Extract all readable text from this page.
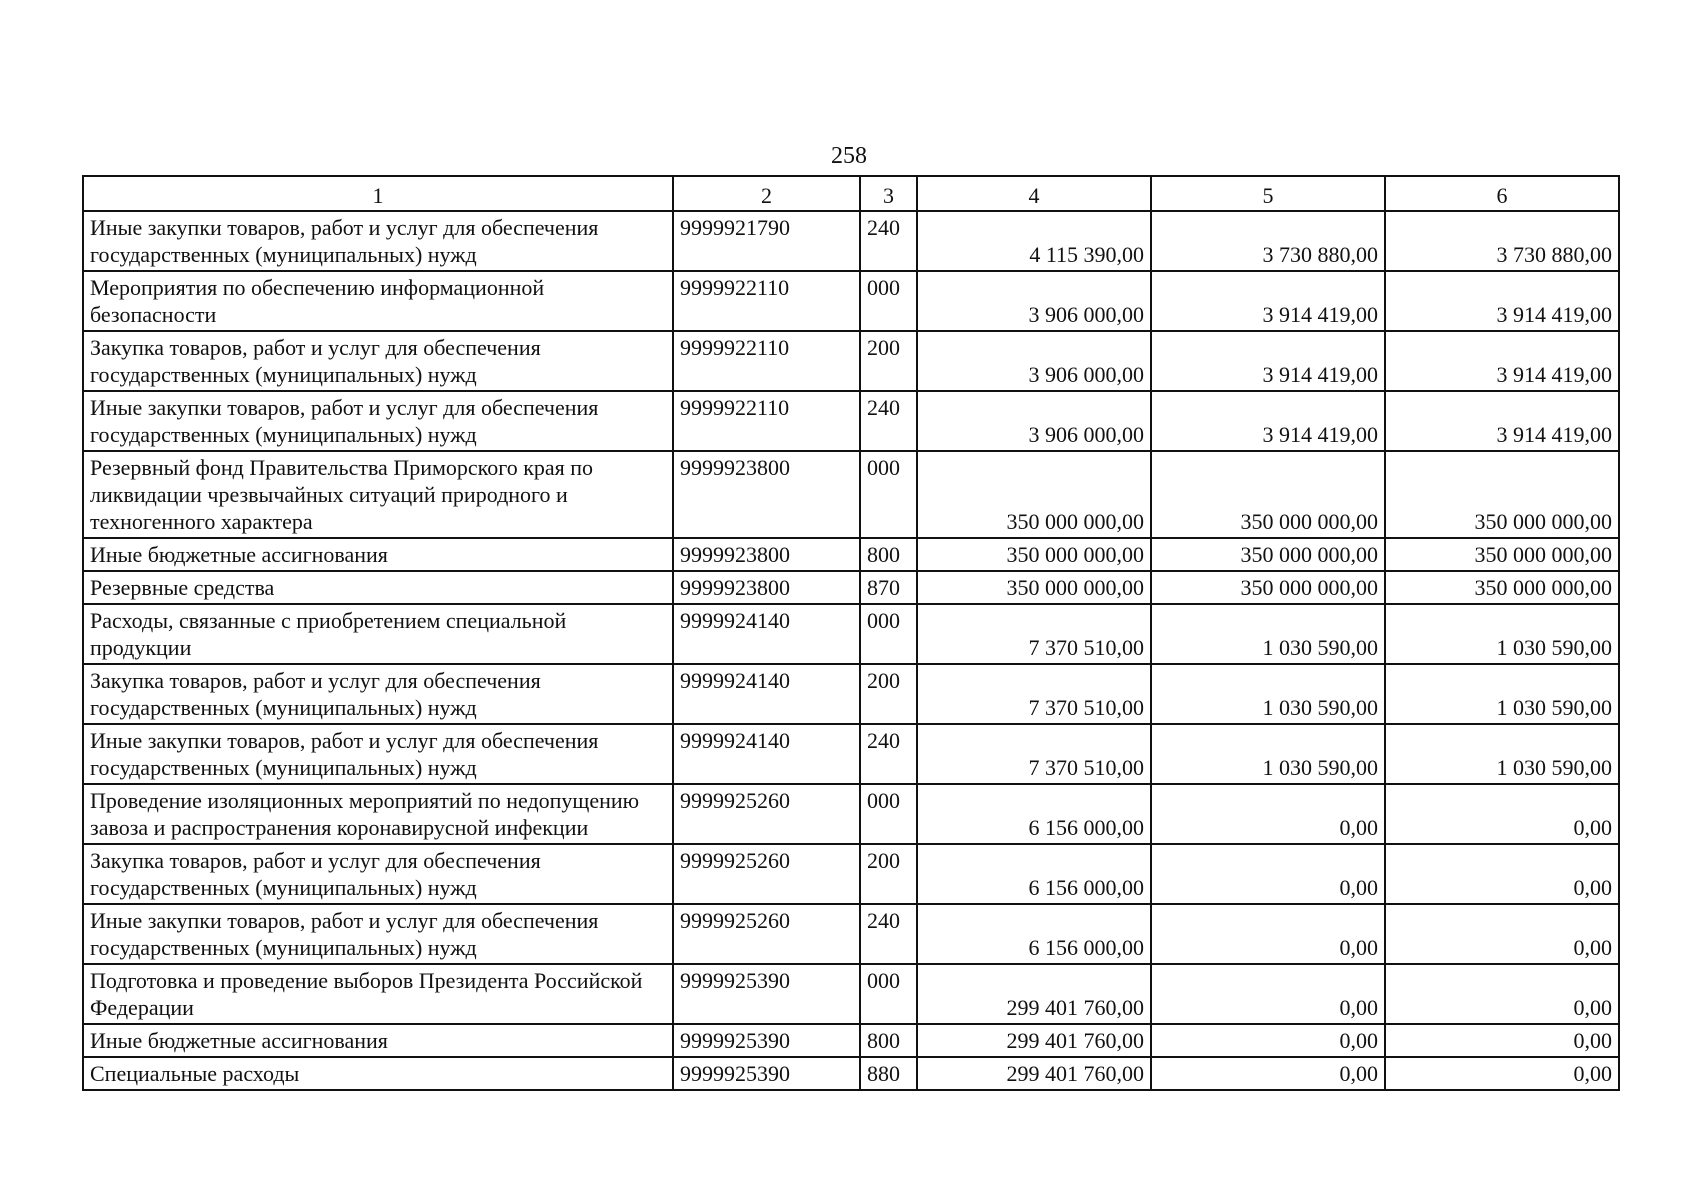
258
1	2	3	4	5	6
Иные закупки товаров, работ и услуг для обеспечения государственных (муниципальных) нужд	9999921790	240	4 115 390,00	3 730 880,00	3 730 880,00
Мероприятия по обеспечению информационной безопасности	9999922110	000	3 906 000,00	3 914 419,00	3 914 419,00
Закупка товаров, работ и услуг для обеспечения государственных (муниципальных) нужд	9999922110	200	3 906 000,00	3 914 419,00	3 914 419,00
Иные закупки товаров, работ и услуг для обеспечения государственных (муниципальных) нужд	9999922110	240	3 906 000,00	3 914 419,00	3 914 419,00
Резервный фонд Правительства Приморского края по ликвидации чрезвычайных ситуаций природного и техногенного характера	9999923800	000	350 000 000,00	350 000 000,00	350 000 000,00
Иные бюджетные ассигнования	9999923800	800	350 000 000,00	350 000 000,00	350 000 000,00
Резервные средства	9999923800	870	350 000 000,00	350 000 000,00	350 000 000,00
Расходы, связанные с приобретением специальной продукции	9999924140	000	7 370 510,00	1 030 590,00	1 030 590,00
Закупка товаров, работ и услуг для обеспечения государственных (муниципальных) нужд	9999924140	200	7 370 510,00	1 030 590,00	1 030 590,00
Иные закупки товаров, работ и услуг для обеспечения государственных (муниципальных) нужд	9999924140	240	7 370 510,00	1 030 590,00	1 030 590,00
Проведение изоляционных мероприятий по недопущению завоза и распространения коронавирусной инфекции	9999925260	000	6 156 000,00	0,00	0,00
Закупка товаров, работ и услуг для обеспечения государственных (муниципальных) нужд	9999925260	200	6 156 000,00	0,00	0,00
Иные закупки товаров, работ и услуг для обеспечения государственных (муниципальных) нужд	9999925260	240	6 156 000,00	0,00	0,00
Подготовка и проведение выборов Президента Российской Федерации	9999925390	000	299 401 760,00	0,00	0,00
Иные бюджетные ассигнования	9999925390	800	299 401 760,00	0,00	0,00
Специальные расходы	9999925390	880	299 401 760,00	0,00	0,00
